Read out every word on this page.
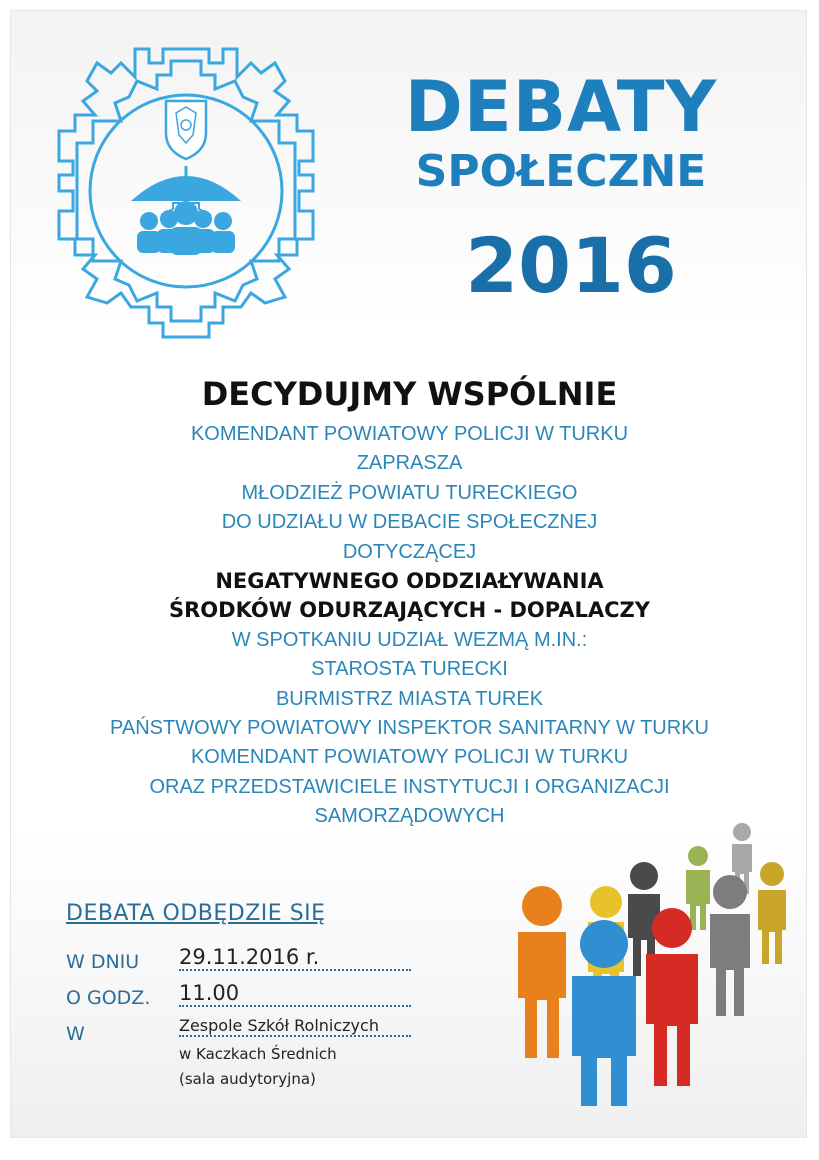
DEBATY
SPOŁECZNE
2016
DECYDUJMY WSPÓLNIE
KOMENDANT POWIATOWY POLICJI W TURKU
ZAPRASZA
MŁODZIEŻ POWIATU TURECKIEGO
DO UDZIAŁU W DEBACIE SPOŁECZNEJ
DOTYCZĄCEJ
NEGATYWNEGO ODDZIAŁYWANIA
ŚRODKÓW ODURZAJĄCYCH - DOPALACZY
W SPOTKANIU UDZIAŁ WEZMĄ M.IN.:
STAROSTA TURECKI
BURMISTRZ MIASTA TUREK
PAŃSTWOWY POWIATOWY INSPEKTOR SANITARNY W TURKU
KOMENDANT POWIATOWY POLICJI W TURKU
ORAZ PRZEDSTAWICIELE INSTYTUCJI I ORGANIZACJI
SAMORZĄDOWYCH
DEBATA ODBĘDZIE SIĘ
W DNIU 29.11.2016 r.
O GODZ. 11.00
W	Zespole Szkół Rolniczych
w Kaczkach Średnich
(sala audytoryjna)
